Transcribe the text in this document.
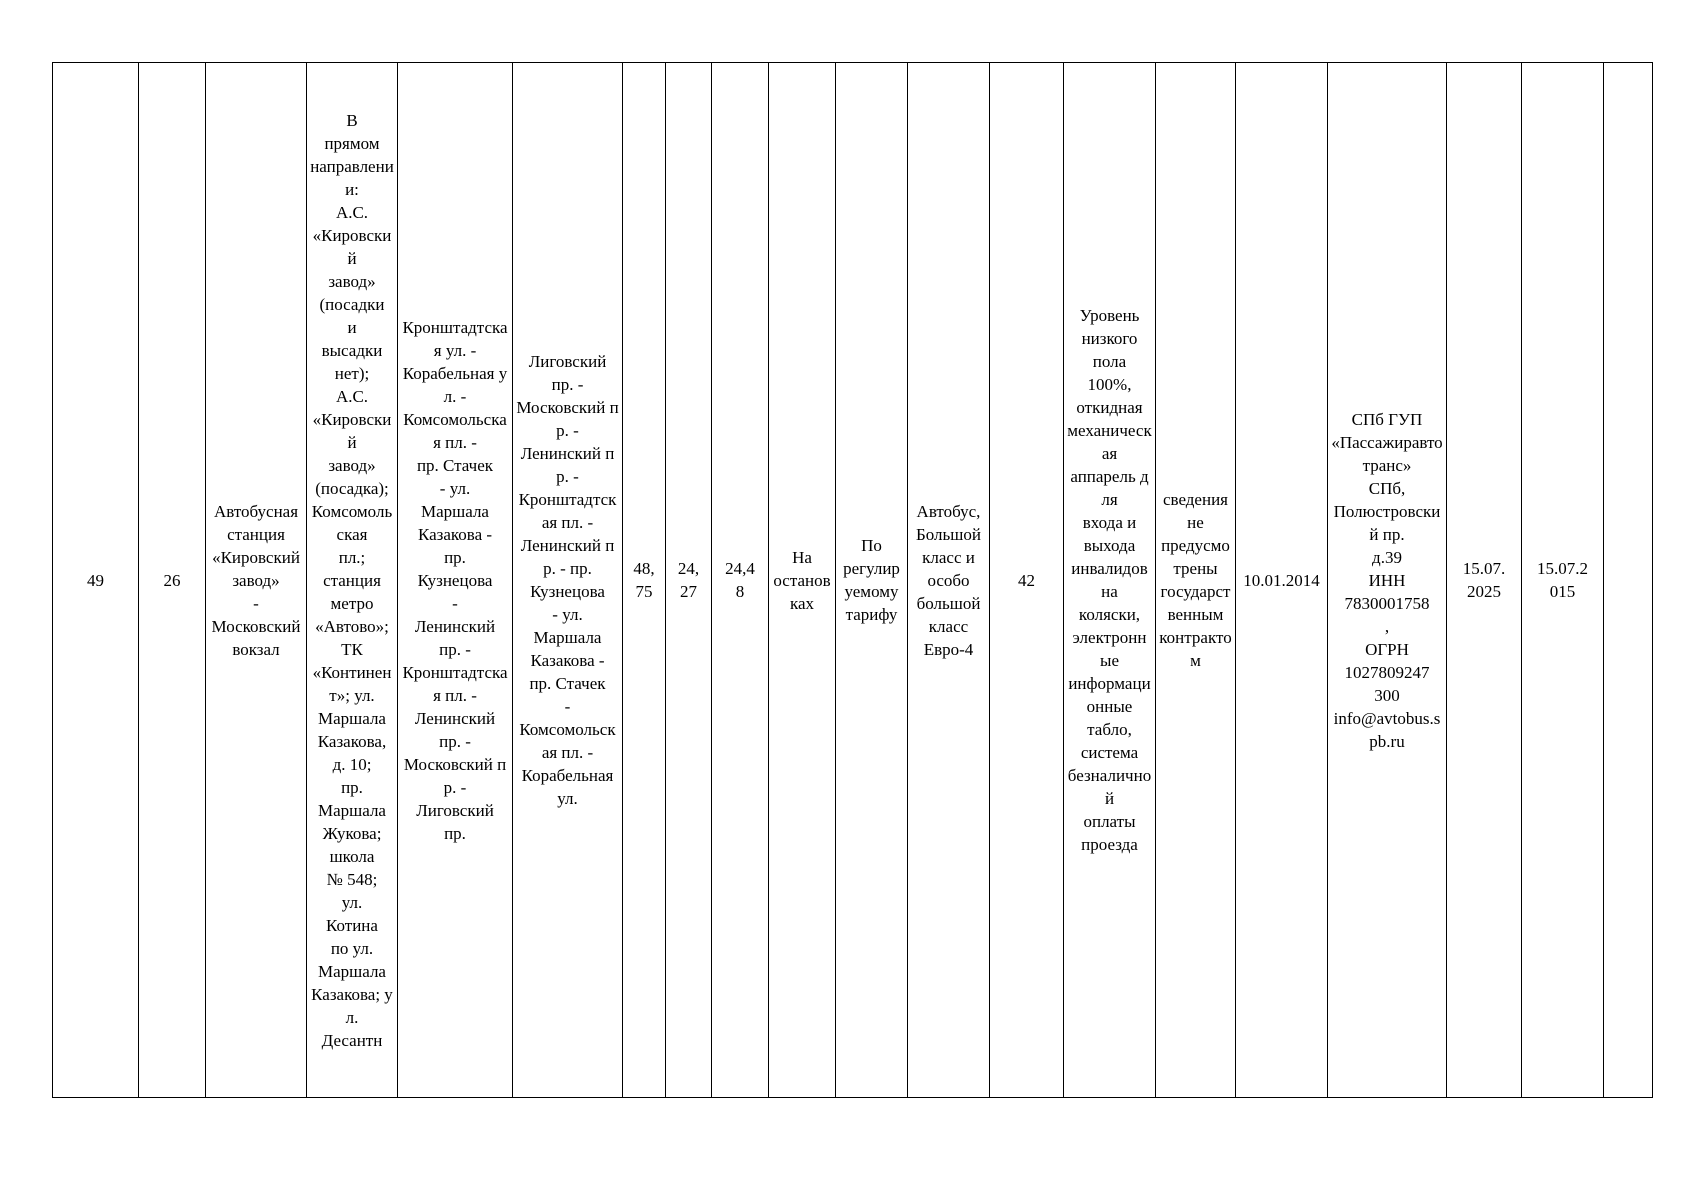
49	26	Автобусная
станция
«Кировский завод»
-
Московский вокзал	В
прямом
направлении:
А.С.
«Кировский
завод»
(посадки
и
высадки
нет);
А.С.
«Кировский
завод»
(посадка);
Комсомольская
пл.;
станция
метро
«Автово»; ТК
«Континент»; ул.
Маршала
Казакова, д. 10;
пр.
Маршала
Жукова;
школа
№ 548;
ул.
Котина
по ул.
Маршала
Казакова; ул.
Десантн	Кронштадтская ул. -
Корабельная ул. -
Комсомольская пл. -
пр. Стачек
- ул.
Маршала
Казакова -
пр.
Кузнецова
-
Ленинский
пр. -
Кронштадтская пл. -
Ленинский
пр. -
Московский пр. -
Лиговский
пр.	Лиговский
пр. -
Московский пр. -
Ленинский пр. -
Кронштадтская пл. -
Ленинский пр. - пр.
Кузнецова
- ул.
Маршала
Казакова -
пр. Стачек
-
Комсомольская пл. -
Корабельная ул.	48,
75	24,
27	24,4
8	На
остановках	По
регулируемому
тарифу	Автобус,
Большой
класс и
особо
большой класс
Евро-4	42	Уровень
низкого
пола
100%,
откидная
механическая
аппарель для
входа и
выхода
инвалидов на
коляски,
электронные
информационные
табло,
система
безналичной
оплаты
проезда	сведения не
предусмотрены
государственным
контрактом	10.01.2014	СПб ГУП
«Пассажиравтотранс»
СПб,
Полюстровский пр.
д.39
ИНН
7830001758
,
ОГРН
1027809247
300
info@avtobus.spb.ru	15.07.
2025	15.07.2
015	
